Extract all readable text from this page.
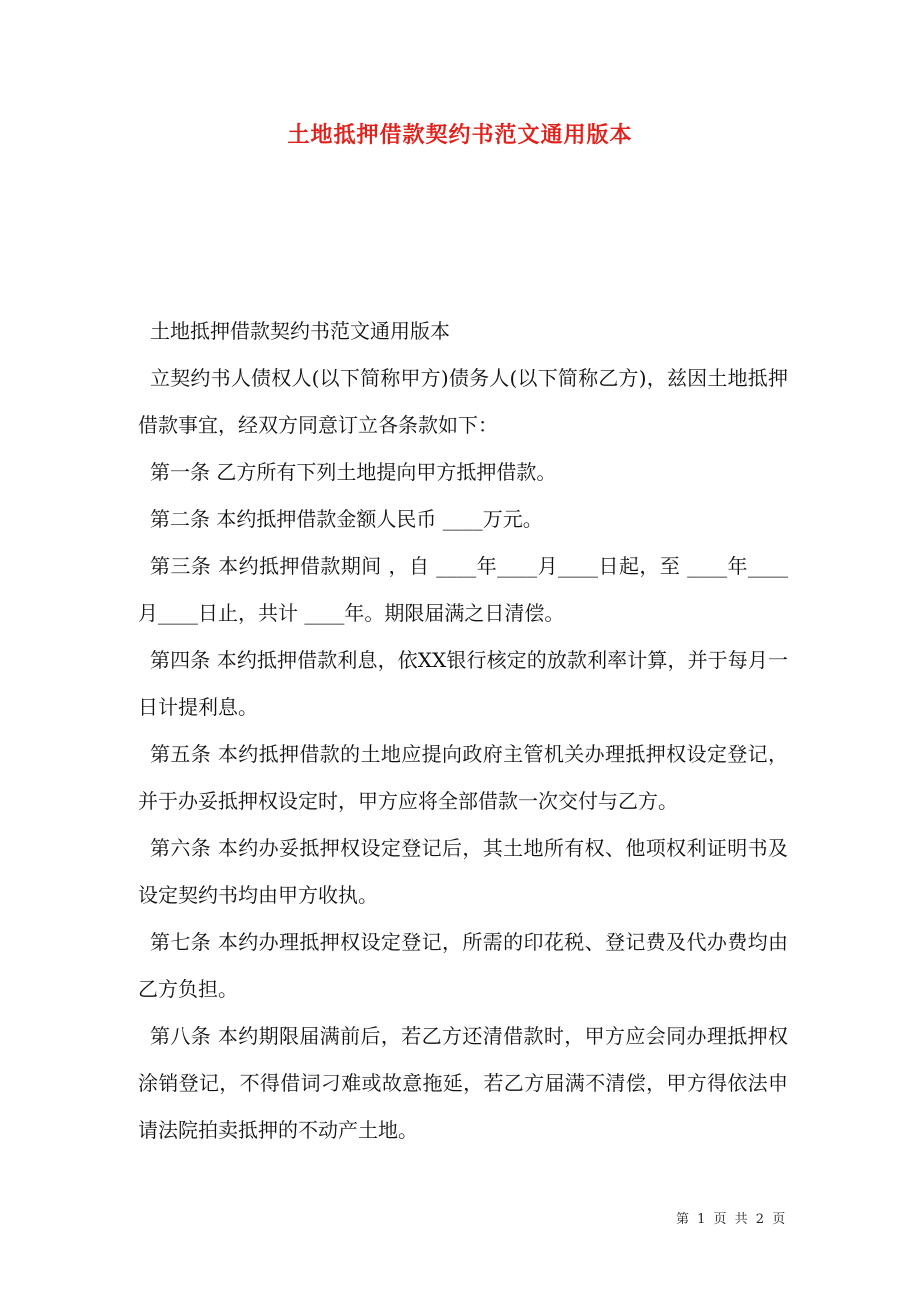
土地抵押借款契约书范文通用版本

土地抵押借款契约书范文通用版本

立契约书人债权人(以下简称甲方)债务人(以下简称乙方)，兹因土地抵押借款事宜，经双方同意订立各条款如下：

第一条 乙方所有下列土地提向甲方抵押借款。

第二条 本约抵押借款金额人民币 ____万元。

第三条 本约抵押借款期间 ，自 ____年____月____日起，至 ____年____月____日止，共计 ____年。期限届满之日清偿。

第四条 本约抵押借款利息，依XX银行核定的放款利率计算，并于每月一日计提利息。

第五条 本约抵押借款的土地应提向政府主管机关办理抵押权设定登记，并于办妥抵押权设定时，甲方应将全部借款一次交付与乙方。

第六条 本约办妥抵押权设定登记后，其土地所有权、他项权利证明书及设定契约书均由甲方收执。

第七条 本约办理抵押权设定登记，所需的印花税、登记费及代办费均由乙方负担。

第八条 本约期限届满前后，若乙方还清借款时，甲方应会同办理抵押权涂销登记，不得借词刁难或故意拖延，若乙方届满不清偿，甲方得依法申请法院拍卖抵押的不动产土地。

第 1 页 共 2 页
